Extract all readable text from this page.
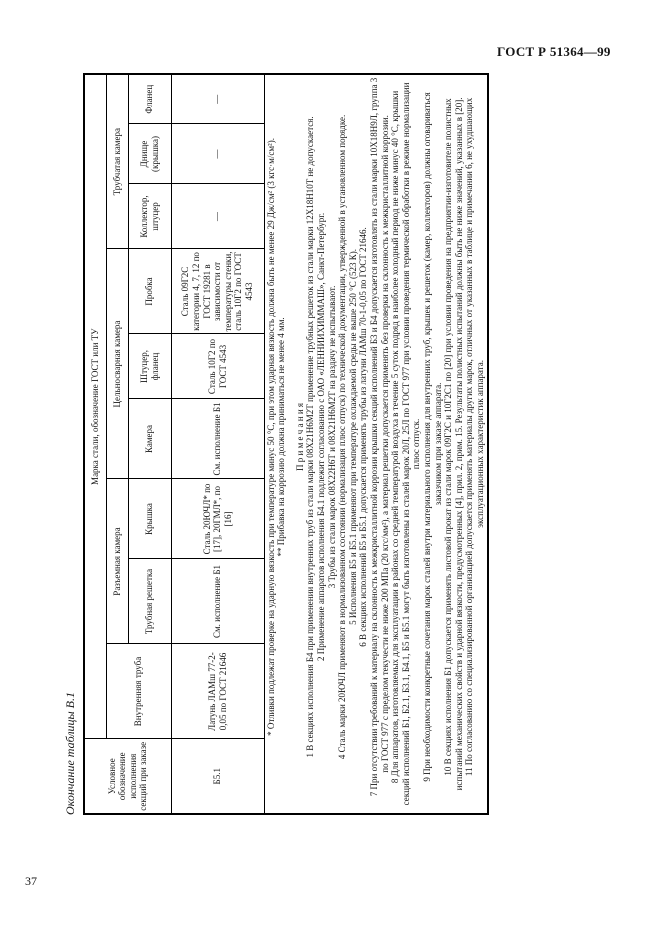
ГОСТ Р 51364—99
Окончание таблицы В.1	Условное обозначение исполнения секций при заказе	Марка стали, обозначение ГОСТ или ТУ								
	Внутренняя труба	Разъемная камера		Цельносварная камера			Трубчатая камера		
		Трубная решетка	Крышка	Камера	Штуцер, фланец	Пробка	Коллектор, штуцер	Днище (крышка)	Фланец
Б5.1	Латунь ЛАМш 77-2-0,05 по ГОСТ 21646	См. исполнение Б1	Сталь 20ЮЧЛ* по [17], 20ГМЛ*, по [16]	См. исполнение Б1	Сталь 10Г2 по ГОСТ 4543	Сталь 09Г2С категории 4, 7, 12 по ГОСТ 19281 в зависимости от температуры стенки, сталь 10Г2 по ГОСТ 4543	—	—	—

* Отливки подлежат проверке на ударную вязкость при температуре минус 50 °С, при этом ударная вязкость должна быть не менее 29 Дж/см² (3 кгс·м/см²). ** Прибавка на коррозию должна приниматься не менее 4 мм. П р и м е ч а н и я 1 В секциях исполнения Б4 при применении внутренних труб из стали марки 08Х21Н6М2Т применение трубных решеток из стали марки 12Х18Н10Т не допускается. 2 Применение аппаратов исполнения Б4.1 подлежит согласованию с ОАО «ЛЕННИИХИММАШ», Санкт-Петербург. 3 Трубы из стали марок 08Х22Н6Т и 08Х21Н6М2Т на раздачу не испытывают. 4 Сталь марки 20ЮЧЛ применяют в нормализованном состоянии (нормализация плюс отпуск) по технической документации, утвержденной в установленном порядке. 5 Исполнения Б5 и Б5.1 применяют при температуре охлаждаемой среды не выше 250 °С (523 К). 6 В секциях исполнений Б5 и Б5.1 допускается применять трубы из латуни ЛАМш 70-1-0,05 по ГОСТ 21646. 7 При отсутствии требований к материалу на склонность к межкристаллитной коррозии крышки секций исполнений Б3 и Б4 допускается изготовлять из стали марки 10Х18Н9Л, группа 3 по ГОСТ 977 с пределом текучести не ниже 200 МПа (20 кгс/мм²), а материал решетки допускается применять без проверки на склонность к межкристаллитной коррозии. 8 Для аппаратов, изготовляемых для эксплуатации в районах со средней температурой воздуха в течение 5 суток подряд в наиболее холодный период не ниже минус 40 °С, крышки секций исполнений Б1, Б2.1, Б3.1, Б4.1, Б5 и Б5.1 могут быть изготовлены из сталей марок 20Л, 25Л по ГОСТ 977 при условии проведения термической обработки в режиме нормализации плюс отпуск. 9 При необходимости конкретные сочетания марок сталей внутри материального исполнения для внутренних труб, крышек и решеток (камер, коллекторов) должны оговариваться заказчиком при заказе аппарата. 10 В секциях исполнения Б1 допускается применять листовой прокат из стали марок 09Г2С и 10Г2С1 по [20] при условии проведения на предприятии-изготовителе полистных испытаний механических свойств и ударной вязкости, предусмотренных [4], прил. 2, прим. 15. Результаты полистных испытаний должны быть не ниже значений, указанных в [20]. 11 По согласованию со специализированной организацией допускается применять материалы других марок, отличных от указанных в таблице и примечании 6, не ухудшающих эксплуатационных характеристик аппарата.

37
